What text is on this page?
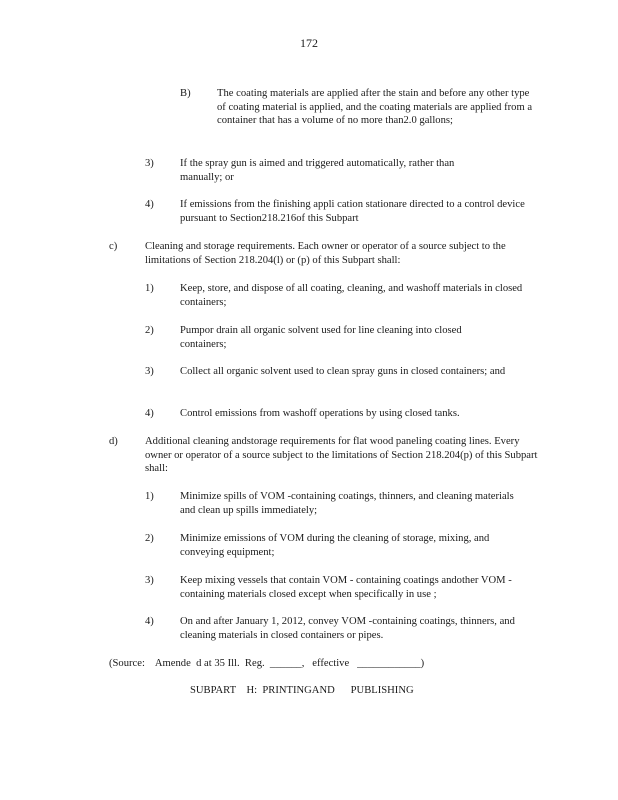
172
B) The coating materials are applied after the stain and before any other type of coating material is applied, and the coating materials are applied from a container that has a volume of no more than2.0 gallons;
3) If the spray gun is aimed and triggered automatically, rather than manually; or
4) If emissions from the finishing appli cation stationare directed to a control device pursuant to Section218.216of this Subpart
c)	Cleaning and storage requirements. Each owner or operator of a source subject to the limitations of Section 218.204(l) or (p) of this Subpart shall:
1) Keep, store, and dispose of all coating, cleaning, and washoff materials in closed containers;
2) Pumpor drain all organic solvent used for line cleaning into closed containers;
3) Collect all organic solvent used to clean spray guns in closed containers; and
4) Control emissions from washoff operations by using closed tanks.
d)	Additional cleaning andstorage requirements for flat wood paneling coating lines. Every owner or operator of a source subject to the limitations of Section 218.204(p) of this Subpart shall:
1) Minimize spills of VOM -containing coatings, thinners, and cleaning materials and clean up spills immediately;
2) Minimize emissions of VOM during the cleaning of storage, mixing, and conveying equipment;
3) Keep mixing vessels that contain VOM - containing coatings andother VOM - containing materials closed except when specifically in use ;
4) On and after January 1, 2012, convey VOM -containing coatings, thinners, and cleaning materials in closed containers or pipes.
(Source:    Amende  d at 35 Ill.  Reg.  ______,   effective   ____________)
SUBPART    H:  PRINTINGAND      PUBLISHING
